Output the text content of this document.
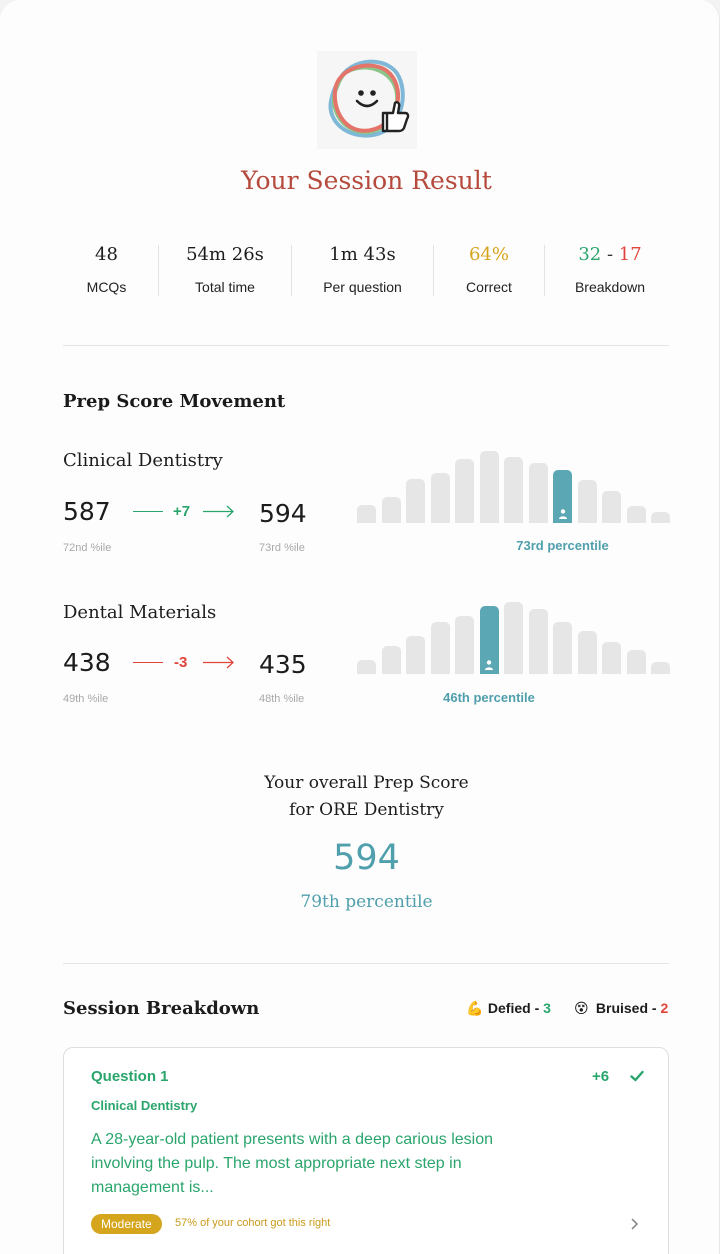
Your Session Result
48
MCQs
54m 26s
Total time
1m 43s
Per question
64%
Correct
32 - 17
Breakdown
Prep Score Movement
Clinical Dentistry
587
72nd %ile
+7	594
73rd %ile	73rd percentile
Dental Materials
438
49th %ile
-3	435
48th %ile	46th percentile
Your overall Prep Score
for ORE Dentistry
594
79th percentile
Session Breakdown	💪 Defied - 3 😵 Bruised - 2
Question 1	+6
Clinical Dentistry
A 28-year-old patient presents with a deep carious lesion involving the pulp. The most appropriate next step in management is...
Moderate	57% of your cohort got this right
